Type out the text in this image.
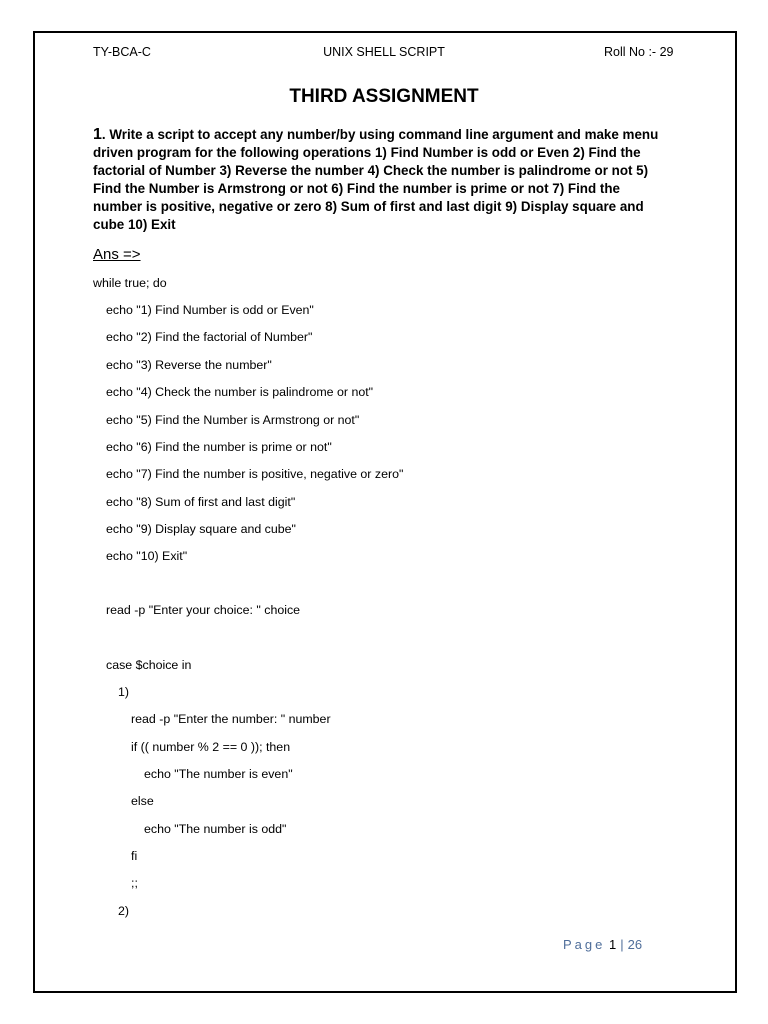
TY-BCA-C	UNIX SHELL SCRIPT	Roll No :- 29
THIRD ASSIGNMENT
1. Write a script to accept any number/by using command line argument and make menu driven program for the following operations 1) Find Number is odd or Even 2) Find the factorial of Number 3) Reverse the number 4) Check the number is palindrome or not 5) Find the Number is Armstrong or not 6) Find the number is prime or not 7) Find the number is positive, negative or zero 8) Sum of first and last digit 9) Display square and cube 10) Exit
Ans =>
while true; do
echo "1) Find Number is odd or Even"
echo "2) Find the factorial of Number"
echo "3) Reverse the number"
echo "4) Check the number is palindrome or not"
echo "5) Find the Number is Armstrong or not"
echo "6) Find the number is prime or not"
echo "7) Find the number is positive, negative or zero"
echo "8) Sum of first and last digit"
echo "9) Display square and cube"
echo "10) Exit"
read -p "Enter your choice: " choice
case $choice in
1)
read -p "Enter the number: " number
if (( number % 2 == 0 )); then
echo "The number is even"
else
echo "The number is odd"
fi
;;
2)
Page 1 | 26
